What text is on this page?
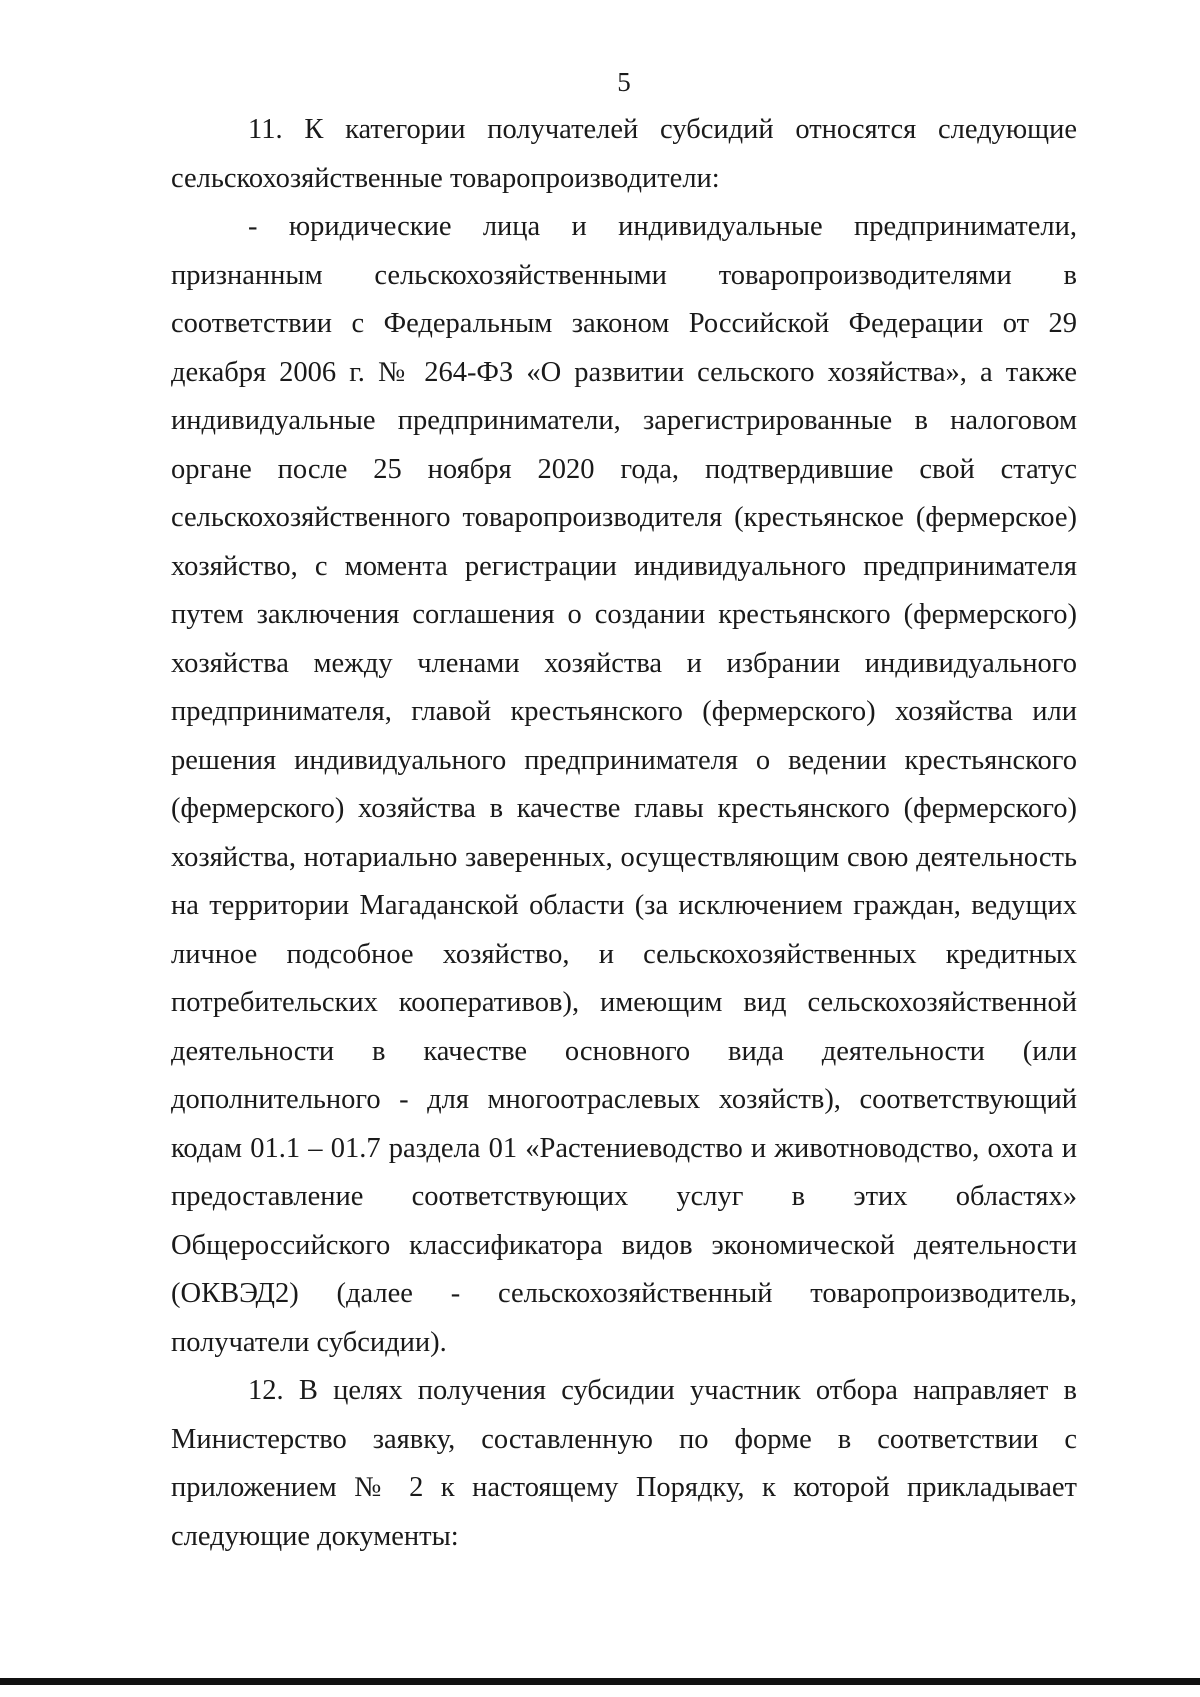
5

11. К категории получателей субсидий относятся следующие сельскохозяйственные товаропроизводители:

- юридические лица и индивидуальные предприниматели, признанным сельскохозяйственными товаропроизводителями в соответствии с Федеральным законом Российской Федерации от 29 декабря 2006 г. № 264-ФЗ «О развитии сельского хозяйства», а также индивидуальные предприниматели, зарегистрированные в налоговом органе после 25 ноября 2020 года, подтвердившие свой статус сельскохозяйственного товаропроизводителя (крестьянское (фермерское) хозяйство, с момента регистрации индивидуального предпринимателя путем заключения соглашения о создании крестьянского (фермерского) хозяйства между членами хозяйства и избрании индивидуального предпринимателя, главой крестьянского (фермерского) хозяйства или решения индивидуального предпринимателя о ведении крестьянского (фермерского) хозяйства в качестве главы крестьянского (фермерского) хозяйства, нотариально заверенных, осуществляющим свою деятельность на территории Магаданской области (за исключением граждан, ведущих личное подсобное хозяйство, и сельскохозяйственных кредитных потребительских кооперативов), имеющим вид сельскохозяйственной деятельности в качестве основного вида деятельности (или дополнительного - для многоотраслевых хозяйств), соответствующий кодам 01.1 – 01.7 раздела 01 «Растениеводство и животноводство, охота и предоставление соответствующих услуг в этих областях» Общероссийского классификатора видов экономической деятельности (ОКВЭД2) (далее - сельскохозяйственный товаропроизводитель, получатели субсидии).

12. В целях получения субсидии участник отбора направляет в Министерство заявку, составленную по форме в соответствии с приложением № 2 к настоящему Порядку, к которой прикладывает следующие документы:
